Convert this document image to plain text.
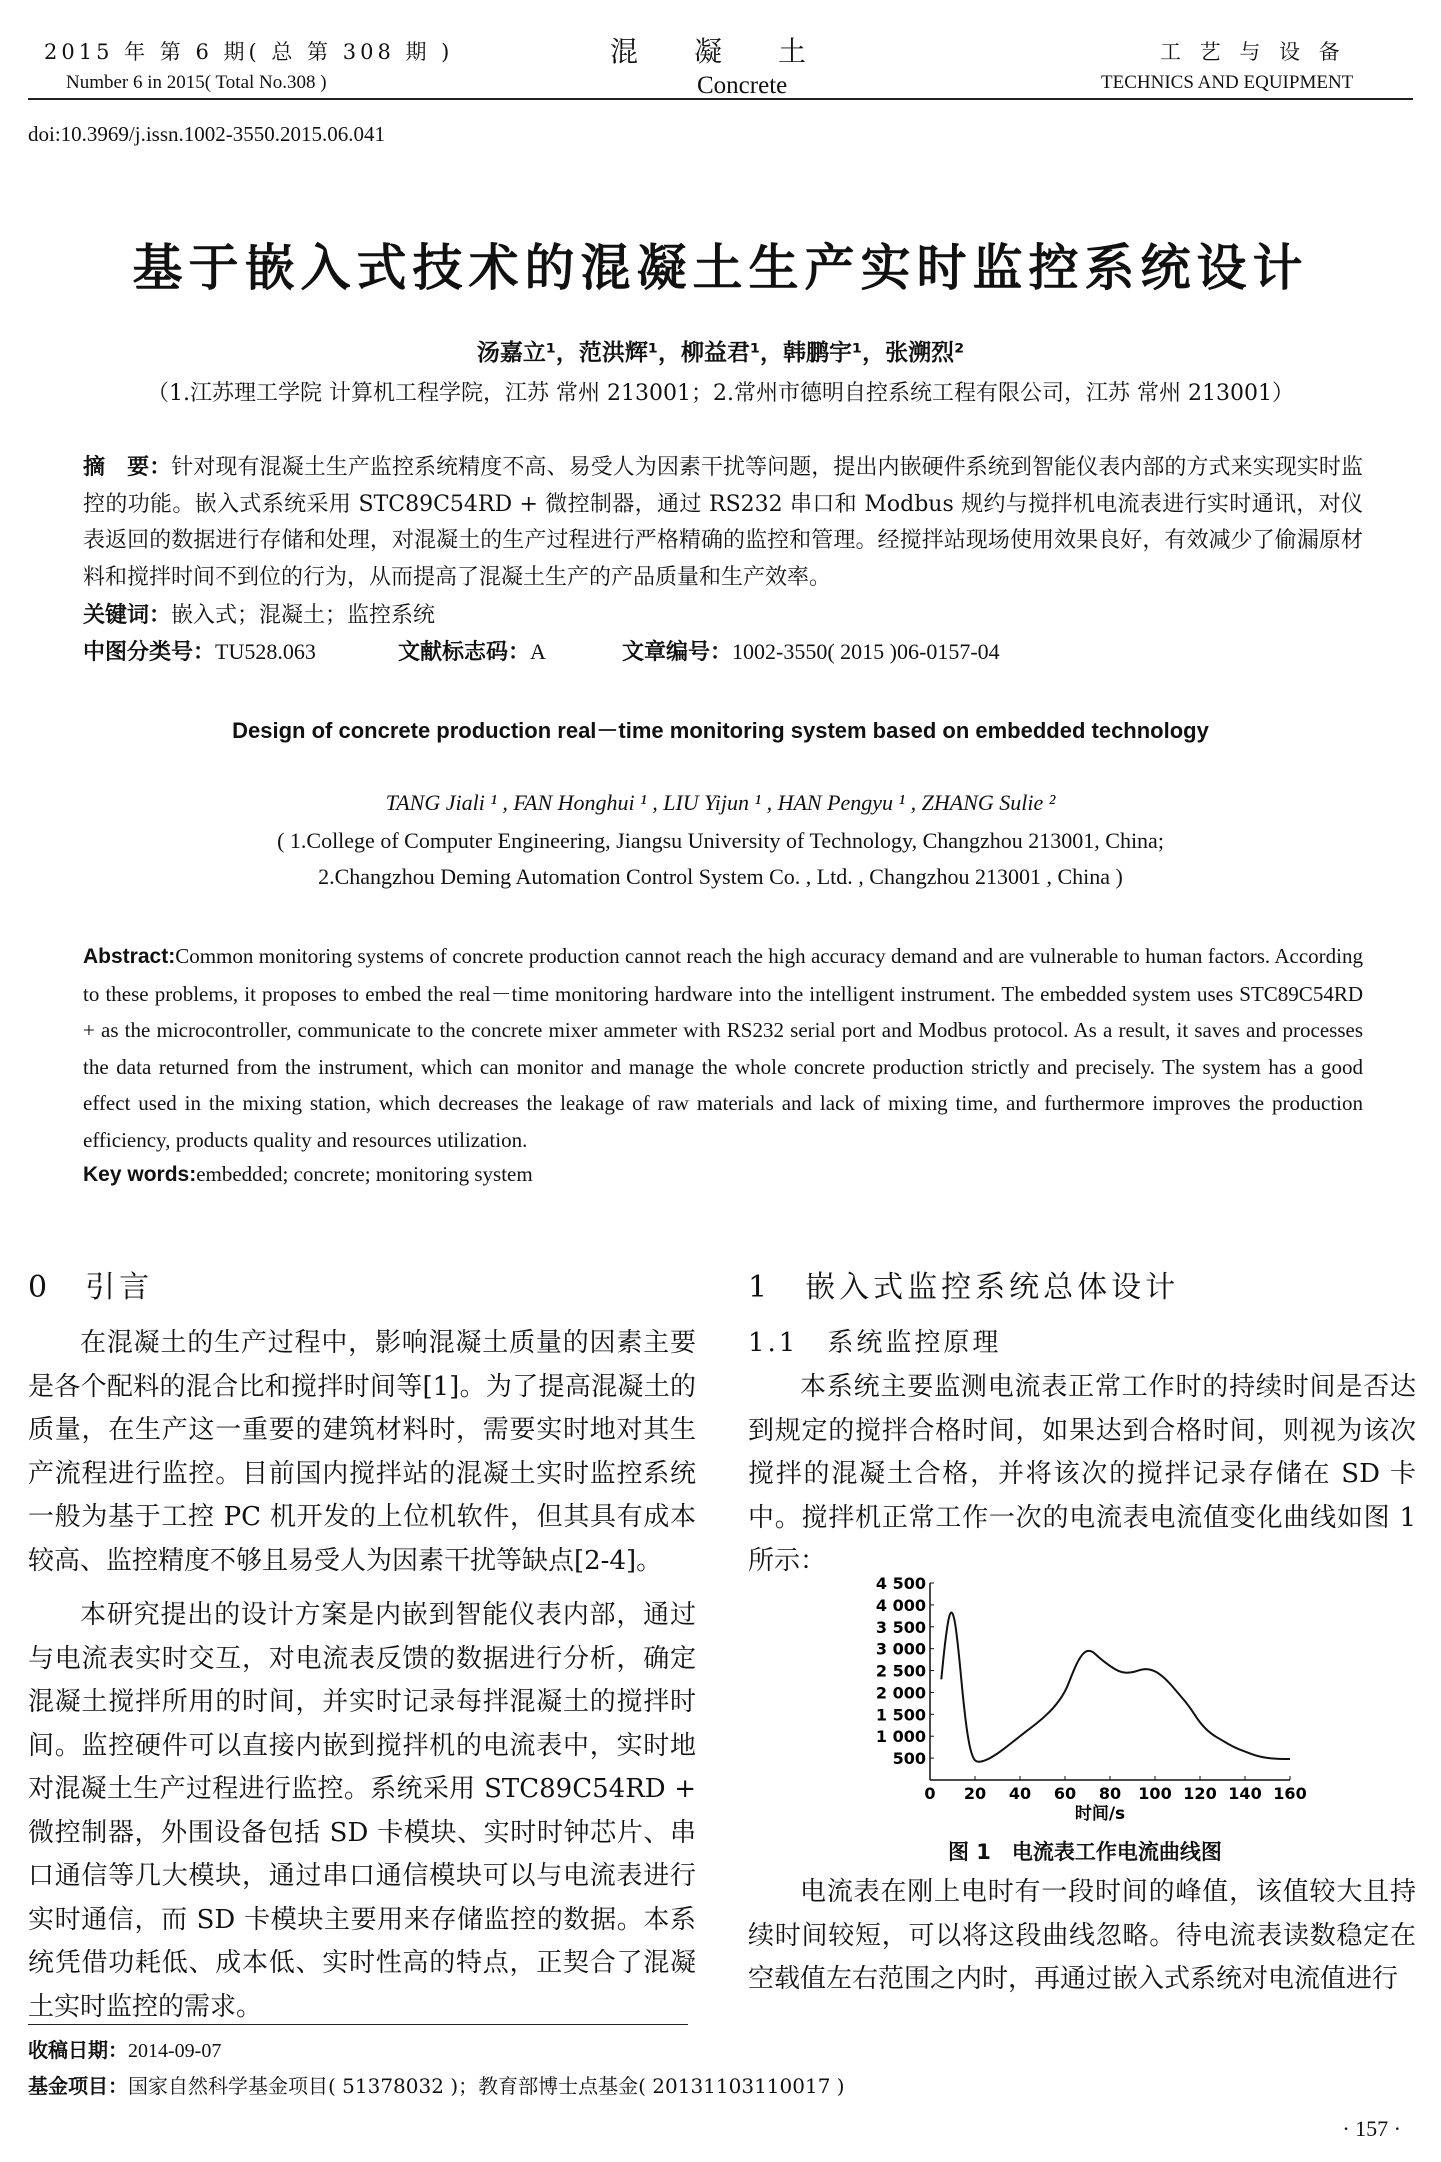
2015 年 第 6 期( 总 第 308 期 )
Number 6 in 2015( Total No.308 )
混　　凝　　土
Concrete
工 艺 与 设 备
TECHNICS AND EQUIPMENT
doi:10.3969/j.issn.1002-3550.2015.06.041
基于嵌入式技术的混凝土生产实时监控系统设计
汤嘉立¹，范洪辉¹，柳益君¹，韩鹏宇¹，张溯烈²
（1.江苏理工学院 计算机工程学院，江苏 常州 213001；2.常州市德明自控系统工程有限公司，江苏 常州 213001）
摘　要：针对现有混凝土生产监控系统精度不高、易受人为因素干扰等问题，提出内嵌硬件系统到智能仪表内部的方式来实现实时监控的功能。嵌入式系统采用 STC89C54RD + 微控制器，通过 RS232 串口和 Modbus 规约与搅拌机电流表进行实时通讯，对仪表返回的数据进行存储和处理，对混凝土的生产过程进行严格精确的监控和管理。经搅拌站现场使用效果良好，有效减少了偷漏原材料和搅拌时间不到位的行为，从而提高了混凝土生产的产品质量和生产效率。
关键词：嵌入式；混凝土；监控系统
中图分类号：TU528.063	文献标志码：A	文章编号：1002-3550( 2015 )06-0157-04
Design of concrete production real－time monitoring system based on embedded technology
TANG Jiali ¹ , FAN Honghui ¹ , LIU Yijun ¹ , HAN Pengyu ¹ , ZHANG Sulie ²
( 1.College of Computer Engineering, Jiangsu University of Technology, Changzhou 213001, China;
2.Changzhou Deming Automation Control System Co. , Ltd. , Changzhou 213001 , China )
Abstract:Common monitoring systems of concrete production cannot reach the high accuracy demand and are vulnerable to human factors. According to these problems, it proposes to embed the real－time monitoring hardware into the intelligent instrument. The embedded system uses STC89C54RD + as the microcontroller, communicate to the concrete mixer ammeter with RS232 serial port and Modbus protocol. As a result, it saves and processes the data returned from the instrument, which can monitor and manage the whole concrete production strictly and precisely. The system has a good effect used in the mixing station, which decreases the leakage of raw materials and lack of mixing time, and furthermore improves the production efficiency, products quality and resources utilization.
Key words:embedded; concrete; monitoring system
0　引言
在混凝土的生产过程中，影响混凝土质量的因素主要是各个配料的混合比和搅拌时间等[1]。为了提高混凝土的质量，在生产这一重要的建筑材料时，需要实时地对其生产流程进行监控。目前国内搅拌站的混凝土实时监控系统一般为基于工控 PC 机开发的上位机软件，但其具有成本较高、监控精度不够且易受人为因素干扰等缺点[2-4]。
本研究提出的设计方案是内嵌到智能仪表内部，通过与电流表实时交互，对电流表反馈的数据进行分析，确定混凝土搅拌所用的时间，并实时记录每拌混凝土的搅拌时间。监控硬件可以直接内嵌到搅拌机的电流表中，实时地对混凝土生产过程进行监控。系统采用 STC89C54RD + 微控制器，外围设备包括 SD 卡模块、实时时钟芯片、串口通信等几大模块，通过串口通信模块可以与电流表进行实时通信，而 SD 卡模块主要用来存储监控的数据。本系统凭借功耗低、成本低、实时性高的特点，正契合了混凝土实时监控的需求。
1　嵌入式监控系统总体设计
1.1　系统监控原理
本系统主要监测电流表正常工作时的持续时间是否达到规定的搅拌合格时间，如果达到合格时间，则视为该次搅拌的混凝土合格，并将该次的搅拌记录存储在 SD 卡中。搅拌机正常工作一次的电流表电流值变化曲线如图 1 所示：
0 20 40 60 80 100 120 140 160
500
1 000
1 500
2 000
2 500
3 000
3 500
4 000
4 500
时间/s
图 1　电流表工作电流曲线图
电流表在刚上电时有一段时间的峰值，该值较大且持续时间较短，可以将这段曲线忽略。待电流表读数稳定在空载值左右范围之内时，再通过嵌入式系统对电流值进行
收稿日期：2014-09-07
基金项目：国家自然科学基金项目( 51378032 )；教育部博士点基金( 20131103110017 )
· 157 ·
